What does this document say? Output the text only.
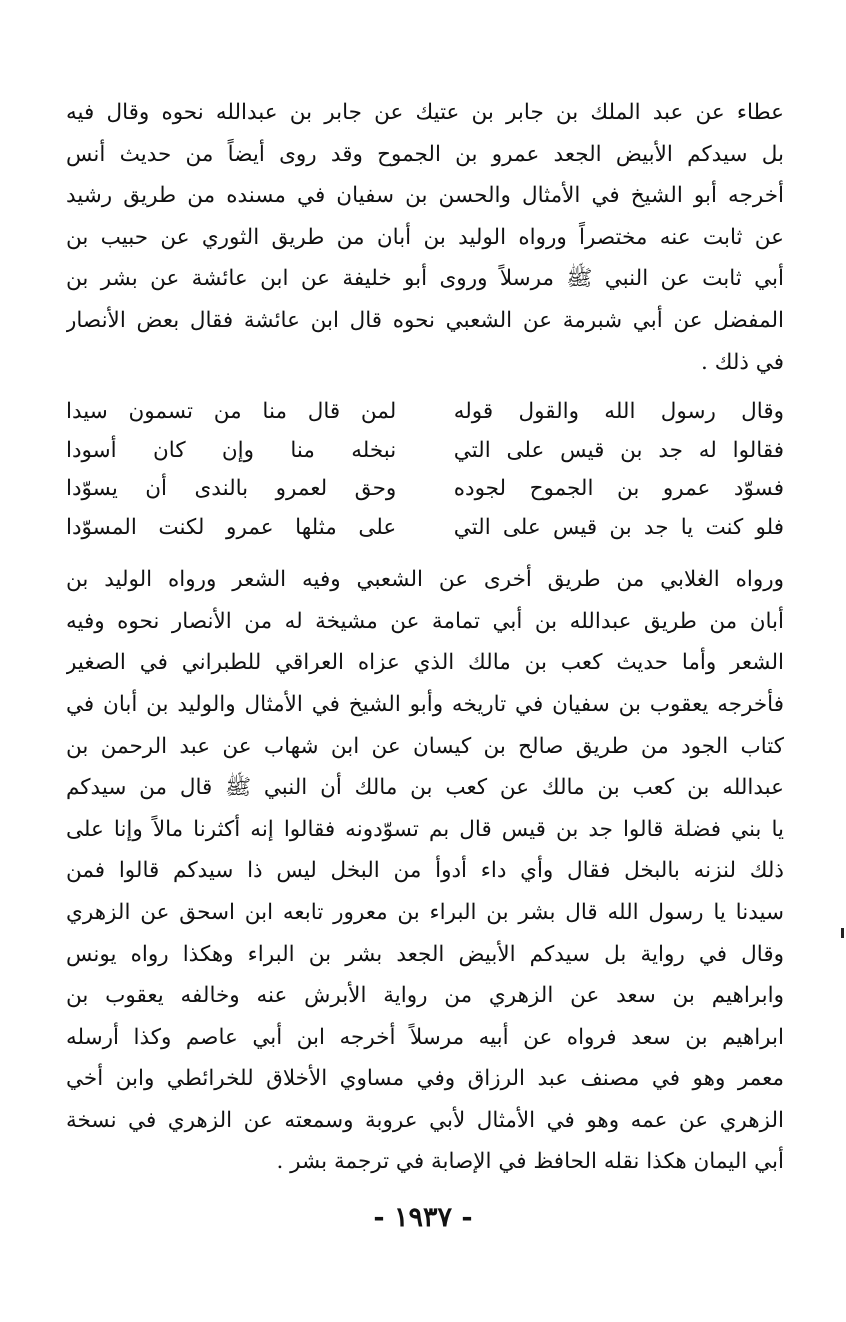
عطاء عن عبد الملك بن جابر بن عتيك عن جابر بن عبدالله نحوه وقال فيه
بل سيدكم الأبيض الجعد عمرو بن الجموح وقد روى أيضاً من حديث أنس
أخرجه أبو الشيخ في الأمثال والحسن بن سفيان في مسنده من طريق رشيد
عن ثابت عنه مختصراً ورواه الوليد بن أبان من طريق الثوري عن حبيب بن
أبي ثابت عن النبي ﷺ مرسلاً وروى أبو خليفة عن ابن عائشة عن بشر بن
المفضل عن أبي شبرمة عن الشعبي نحوه قال ابن عائشة فقال بعض الأنصار
في ذلك .
وقال رسول الله والقول قوله
لمن قال منا من تسمون سيدا
فقالوا له جد بن قيس على التي
نبخله منا وإن كان أسودا
فسوّد عمرو بن الجموح لجوده
وحق لعمرو بالندى أن يسوّدا
فلو كنت يا جد بن قيس على التي
على مثلها عمرو لكنت المسوّدا
ورواه الغلابي من طريق أخرى عن الشعبي وفيه الشعر ورواه الوليد بن
أبان من طريق عبدالله بن أبي تمامة عن مشيخة له من الأنصار نحوه وفيه
الشعر وأما حديث كعب بن مالك الذي عزاه العراقي للطبراني في الصغير
فأخرجه يعقوب بن سفيان في تاريخه وأبو الشيخ في الأمثال والوليد بن أبان في
كتاب الجود من طريق صالح بن كيسان عن ابن شهاب عن عبد الرحمن بن
عبدالله بن كعب بن مالك عن كعب بن مالك أن النبي ﷺ قال من سيدكم
يا بني فضلة قالوا جد بن قيس قال بم تسوّدونه فقالوا إنه أكثرنا مالاً وإنا على
ذلك لنزنه بالبخل فقال وأي داء أدوأ من البخل ليس ذا سيدكم قالوا فمن
سيدنا يا رسول الله قال بشر بن البراء بن معرور تابعه ابن اسحق عن الزهري
وقال في رواية بل سيدكم الأبيض الجعد بشر بن البراء وهكذا رواه يونس
وابراهيم بن سعد عن الزهري من رواية الأبرش عنه وخالفه يعقوب بن
ابراهيم بن سعد فرواه عن أبيه مرسلاً أخرجه ابن أبي عاصم وكذا أرسله
معمر وهو في مصنف عبد الرزاق وفي مساوي الأخلاق للخرائطي وابن أخي
الزهري عن عمه وهو في الأمثال لأبي عروبة وسمعته عن الزهري في نسخة
أبي اليمان هكذا نقله الحافظ في الإصابة في ترجمة بشر .
- ١٩٣٧ -
